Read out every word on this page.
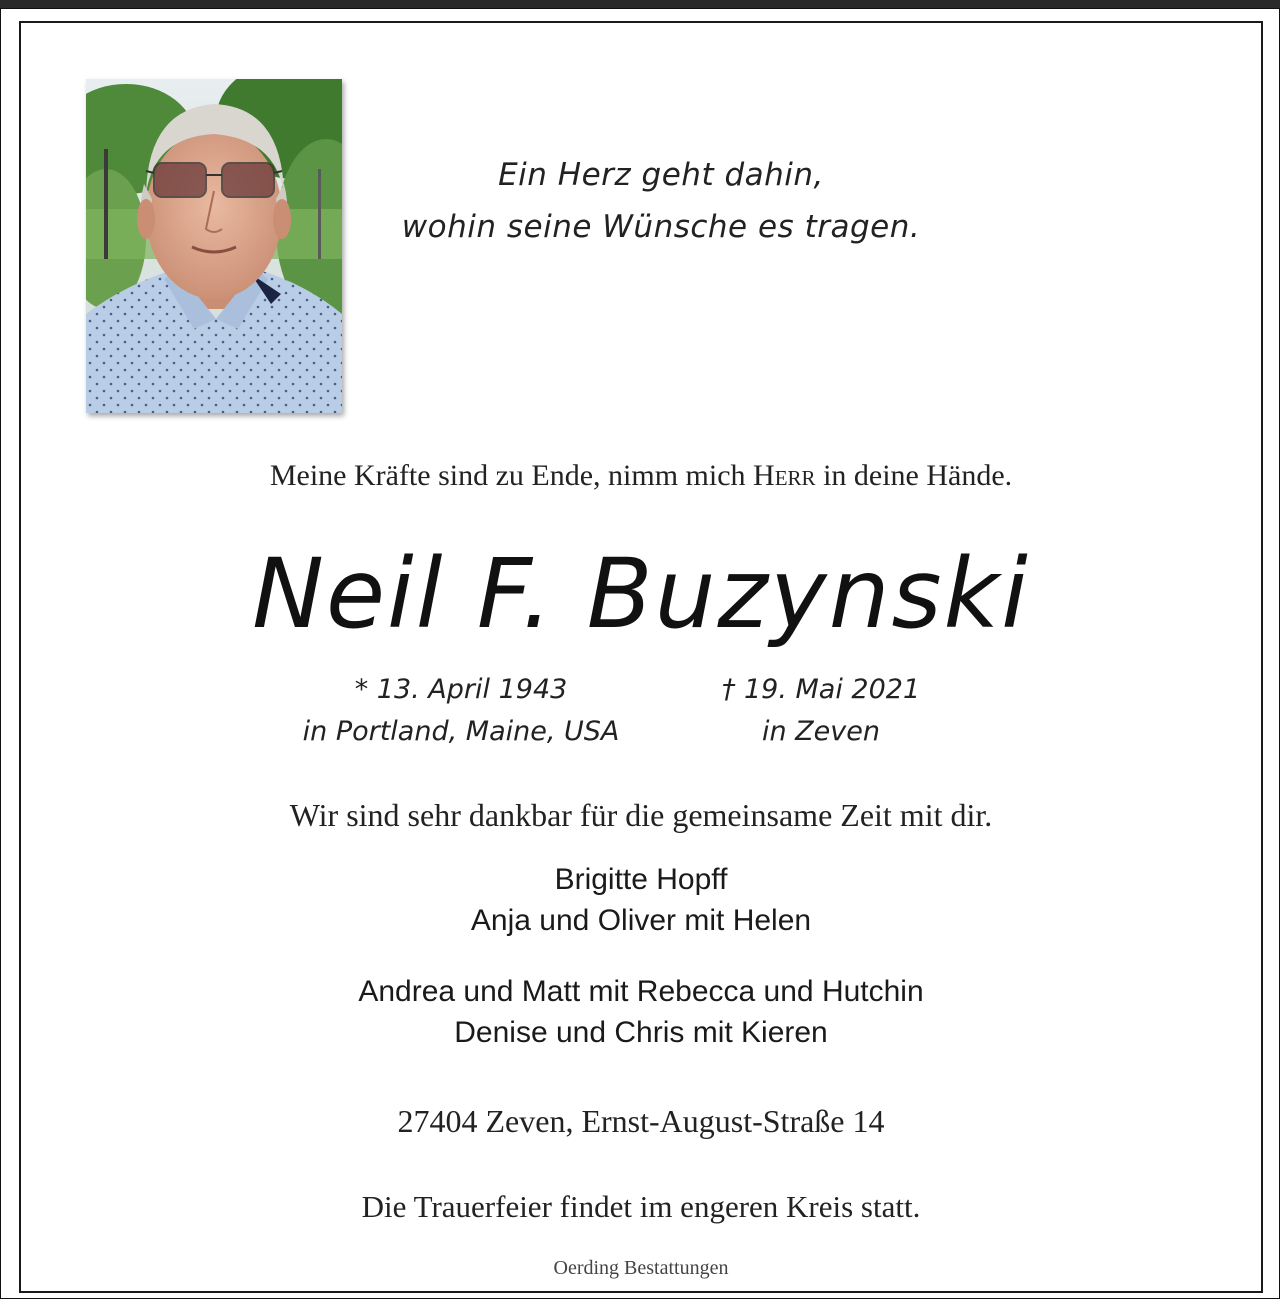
Ein Herz geht dahin,
wohin seine Wünsche es tragen.
Meine Kräfte sind zu Ende, nimm mich Herr in deine Hände.
Neil F. Buzynski
* 13. April 1943
in Portland, Maine, USA
† 19. Mai 2021
in Zeven
Wir sind sehr dankbar für die gemeinsame Zeit mit dir.
Brigitte Hopff
Anja und Oliver mit Helen
Andrea und Matt mit Rebecca und Hutchin
Denise und Chris mit Kieren
27404 Zeven, Ernst-August-Straße 14
Die Trauerfeier findet im engeren Kreis statt.
Oerding Bestattungen
